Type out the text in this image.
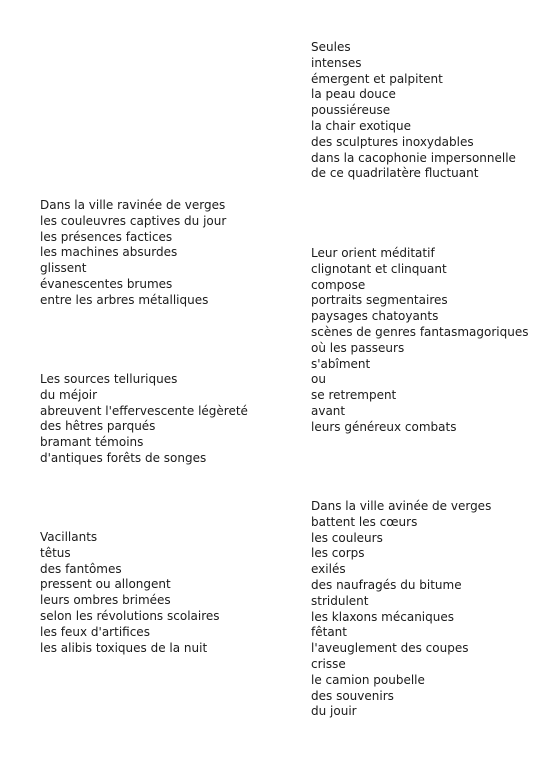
Seules
intenses
émergent et palpitent
la peau douce
poussiéreuse
la chair exotique
des sculptures inoxydables
dans la cacophonie impersonnelle
de ce quadrilatère fluctuant
Dans la ville ravinée de verges
les couleuvres captives du jour
les présences factices
les machines absurdes
glissent
évanescentes brumes
entre les arbres métalliques
Leur orient méditatif
clignotant et clinquant
compose
portraits segmentaires
paysages chatoyants
scènes de genres fantasmagoriques
où les passeurs
s'abîment
ou
se retrempent
avant
leurs généreux combats
Les sources telluriques
du méjoir
abreuvent l'effervescente légèreté
des hêtres parqués
bramant témoins
d'antiques forêts de songes
Dans la ville avinée de verges
battent les cœurs
les couleurs
les corps
exilés
des naufragés du bitume
stridulent
les klaxons mécaniques
fêtant
l'aveuglement des coupes
crisse
le camion poubelle
des souvenirs
du jouir
Vacillants
têtus
des fantômes
pressent ou allongent
leurs ombres brimées
selon les révolutions scolaires
les feux d'artifices
les alibis toxiques de la nuit
